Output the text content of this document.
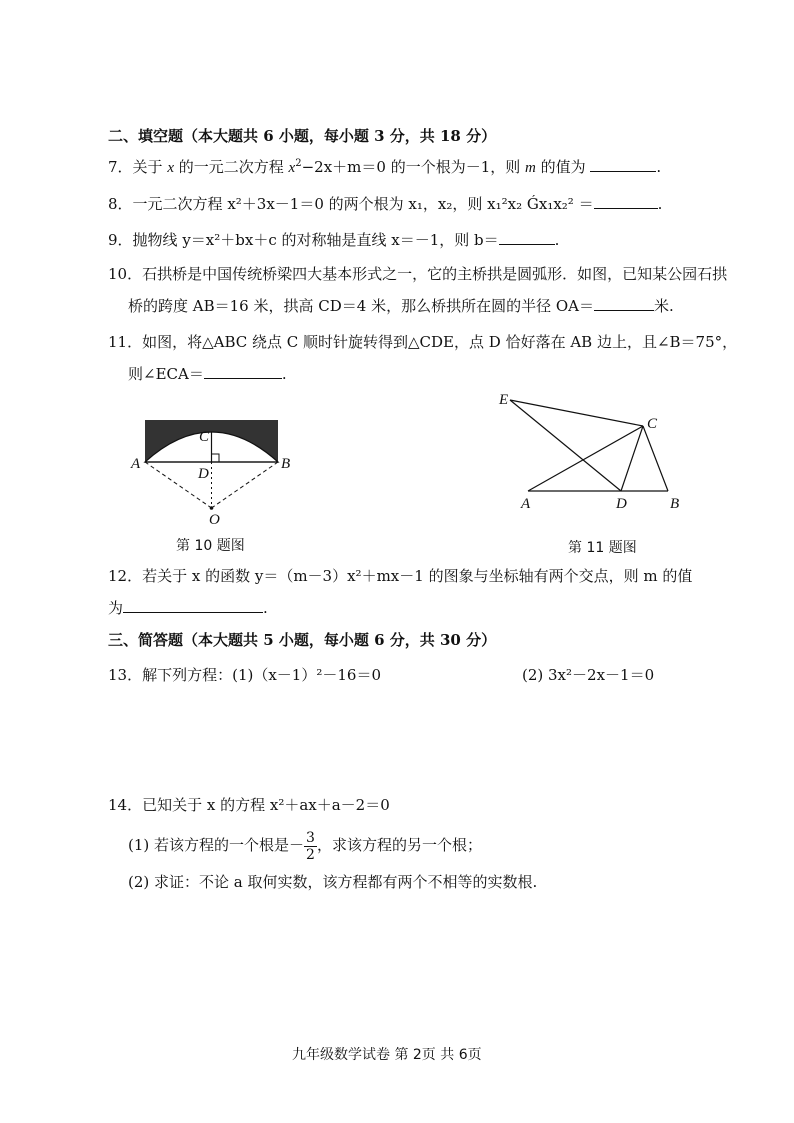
二、填空题（本大题共 6 小题，每小题 3 分，共 18 分）
7．关于 x 的一元二次方程 $x^2-2x+m=0$ 的一个根为－1，则 m 的值为	.
8．一元二次方程 x²＋3x－1＝0 的两个根为 x₁，x₂，则 x₁²x₂ Ǵx₁x₂² ＝	.
9．抛物线 y＝x²＋bx＋c 的对称轴是直线 x＝－1，则 b＝	.
10．石拱桥是中国传统桥梁四大基本形式之一，它的主桥拱是圆弧形．如图，已知某公园石拱
桥的跨度 AB＝16 米，拱高 CD＝4 米，那么桥拱所在圆的半径 OA＝	米.
11．如图，将△ABC 绕点 C 顺时针旋转得到△CDE，点 D 恰好落在 AB 边上，且∠B＝75°，
则∠ECA＝	.
A	B
C
D
O
第 10 题图
E
C
A	D	B
第 11 题图
12．若关于 x 的函数 y＝（m－3）x²＋mx－1 的图象与坐标轴有两个交点，则 m 的值
为	.
三、简答题（本大题共 5 小题，每小题 6 分，共 30 分）
13．解下列方程：(1)（x－1）²－16＝0	(2) 3x²－2x－1＝0
14．已知关于 x 的方程 x²＋ax＋a－2＝0
(1) 若该方程的一个根是－ $\frac{3}{2}$ ，求该方程的另一个根；
(2) 求证：不论 a 取何实数，该方程都有两个不相等的实数根.
九年级数学试卷 第 2页 共 6页
